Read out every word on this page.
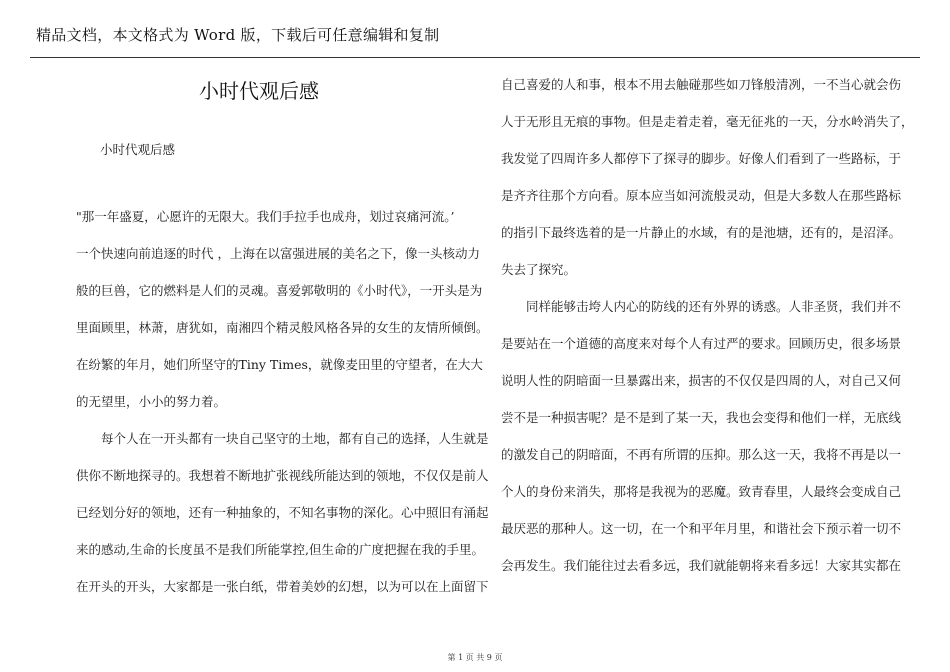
精品文档，本文格式为 Word 版，下载后可任意编辑和复制
小时代观后感
小时代观后感
"那一年盛夏，心愿许的无限大。我们手拉手也成舟，划过哀痛河流。’
一个快速向前追逐的时代 ，上海在以富强进展的美名之下，像一头核动力
般的巨兽，它的燃料是人们的灵魂。喜爱郭敬明的《小时代》，一开头是为
里面顾里，林萧，唐犹如，南湘四个精灵般风格各异的女生的友情所倾倒。
在纷繁的年月，她们所坚守的Tiny Times，就像麦田里的守望者，在大大
的无望里，小小的努力着。
每个人在一开头都有一块自己坚守的土地，都有自己的选择，人生就是
供你不断地探寻的。我想着不断地扩张视线所能达到的领地，不仅仅是前人
已经划分好的领地，还有一种抽象的，不知名事物的深化。心中照旧有涌起
来的感动,生命的长度虽不是我们所能掌控,但生命的广度把握在我的手里。
在开头的开头，大家都是一张白纸，带着美妙的幻想，以为可以在上面留下
自己喜爱的人和事，根本不用去触碰那些如刀锋般清冽，一不当心就会伤
人于无形且无痕的事物。但是走着走着，毫无征兆的一天，分水岭消失了，
我发觉了四周许多人都停下了探寻的脚步。好像人们看到了一些路标，于
是齐齐往那个方向看。原本应当如河流般灵动，但是大多数人在那些路标
的指引下最终选着的是一片静止的水域，有的是池塘，还有的，是沼泽。
失去了探究。
同样能够击垮人内心的防线的还有外界的诱惑。人非圣贤，我们并不
是要站在一个道德的高度来对每个人有过严的要求。回顾历史，很多场景
说明人性的阴暗面一旦暴露出来，损害的不仅仅是四周的人，对自己又何
尝不是一种损害呢？是不是到了某一天，我也会变得和他们一样，无底线
的激发自己的阴暗面，不再有所谓的压抑。那么这一天，我将不再是以一
个人的身份来消失，那将是我视为的恶魔。致青春里，人最终会变成自己
最厌恶的那种人。这一切，在一个和平年月里，和谐社会下预示着一切不
会再发生。我们能往过去看多远，我们就能朝将来看多远！大家其实都在
第 1 页 共 9 页
